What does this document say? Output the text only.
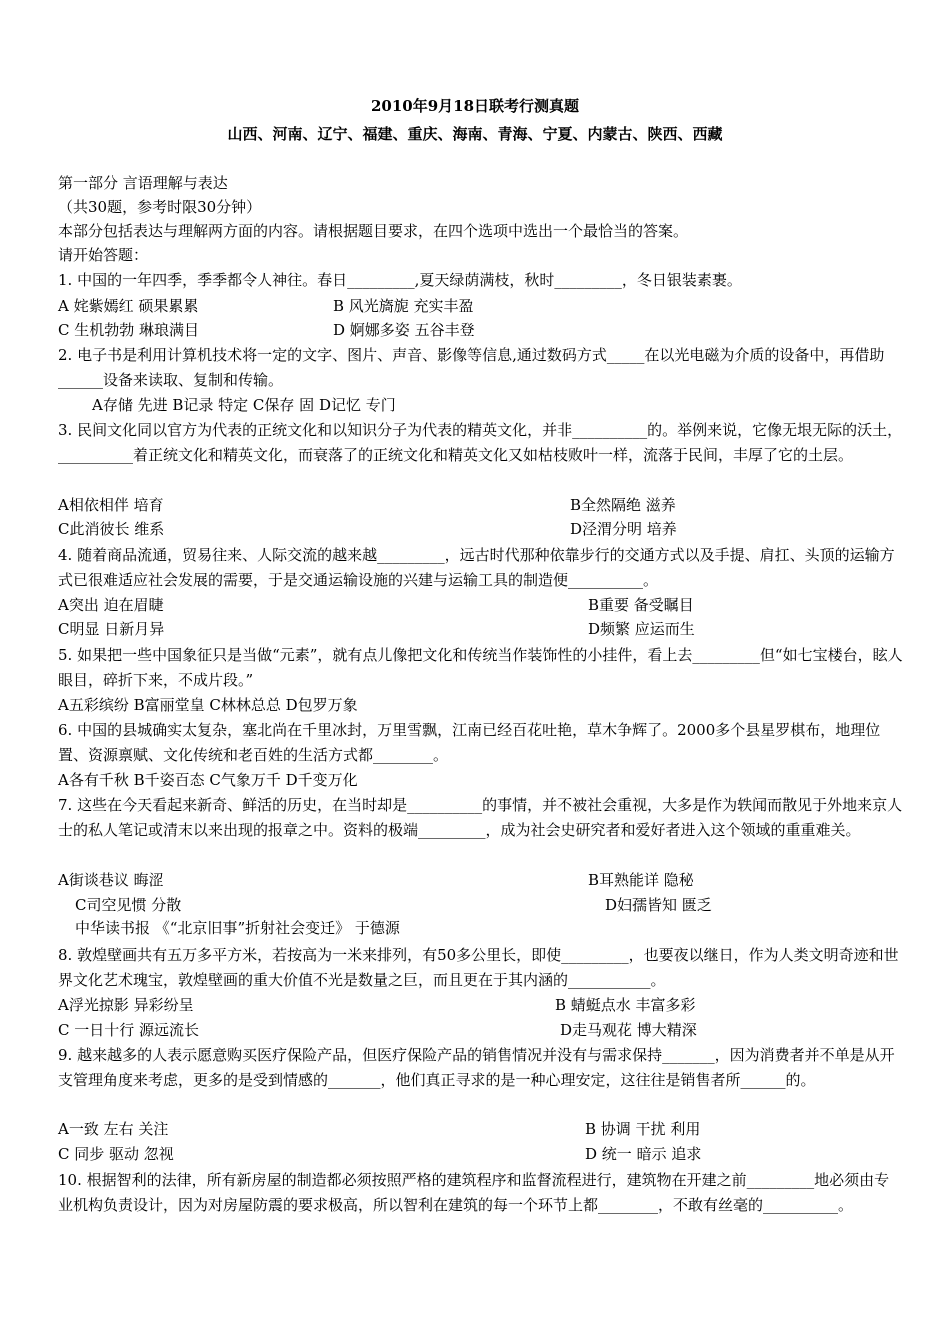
2010年9月18日联考行测真题
山西、河南、辽宁、福建、重庆、海南、青海、宁夏、内蒙古、陕西、西藏
第一部分 言语理解与表达
（共30题，参考时限30分钟）
本部分包括表达与理解两方面的内容。请根据题目要求，在四个选项中选出一个最恰当的答案。
请开始答题：
1. 中国的一年四季，季季都令人神往。春日_________,夏天绿荫满枝，秋时_________，冬日银装素裹。
A 姹紫嫣红 硕果累累	B 风光旖旎 充实丰盈
C 生机勃勃 琳琅满目	D 婀娜多姿 五谷丰登
2. 电子书是利用计算机技术将一定的文字、图片、声音、影像等信息,通过数码方式_____在以光电磁为介质的设备中，再借助______设备来读取、复制和传输。
A存储 先进 B记录 特定 C保存 固 D记忆 专门
3. 民间文化同以官方为代表的正统文化和以知识分子为代表的精英文化，并非__________的。举例来说，它像无垠无际的沃土，__________着正统文化和精英文化，而衰落了的正统文化和精英文化又如枯枝败叶一样，流落于民间，丰厚了它的土层。
A相依相伴 培育	B全然隔绝 滋养
C此消彼长 维系	D泾渭分明 培养
4. 随着商品流通，贸易往来、人际交流的越来越_________，远古时代那种依靠步行的交通方式以及手提、肩扛、头顶的运输方式已很难适应社会发展的需要，于是交通运输设施的兴建与运输工具的制造便__________。
A突出 迫在眉睫	B重要 备受瞩目
C明显 日新月异	D频繁 应运而生
5. 如果把一些中国象征只是当做“元素”，就有点儿像把文化和传统当作装饰性的小挂件，看上去_________但“如七宝楼台，眩人眼目，碎折下来，不成片段。”
A五彩缤纷 B富丽堂皇 C林林总总 D包罗万象
6. 中国的县城确实太复杂，塞北尚在千里冰封，万里雪飘，江南已经百花吐艳，草木争辉了。2000多个县星罗棋布，地理位置、资源禀赋、文化传统和老百姓的生活方式都________。
A各有千秋 B千姿百态 C气象万千 D千变万化
7. 这些在今天看起来新奇、鲜活的历史，在当时却是__________的事情，并不被社会重视，大多是作为轶闻而散见于外地来京人士的私人笔记或清末以来出现的报章之中。资料的极端_________，成为社会史研究者和爱好者进入这个领域的重重难关。
A街谈巷议 晦涩	B耳熟能详 隐秘
C司空见惯 分散	D妇孺皆知 匮乏
中华读书报 《“北京旧事”折射社会变迁》 于德源
8. 敦煌壁画共有五万多平方米，若按高为一米来排列，有50多公里长，即使_________，也要夜以继日，作为人类文明奇迹和世界文化艺术瑰宝，敦煌壁画的重大价值不光是数量之巨，而且更在于其内涵的___________。
A浮光掠影 异彩纷呈	B 蜻蜓点水 丰富多彩
C 一日十行 源远流长	D走马观花 博大精深
9. 越来越多的人表示愿意购买医疗保险产品，但医疗保险产品的销售情况并没有与需求保持_______，因为消费者并不单是从开支管理角度来考虑，更多的是受到情感的_______，他们真正寻求的是一种心理安定，这往往是销售者所______的。
A一致 左右 关注	B 协调 干扰 利用
C 同步 驱动 忽视	D 统一 暗示 追求
10. 根据智利的法律，所有新房屋的制造都必须按照严格的建筑程序和监督流程进行，建筑物在开建之前_________地必须由专业机构负责设计，因为对房屋防震的要求极高，所以智利在建筑的每一个环节上都________，不敢有丝毫的__________。
